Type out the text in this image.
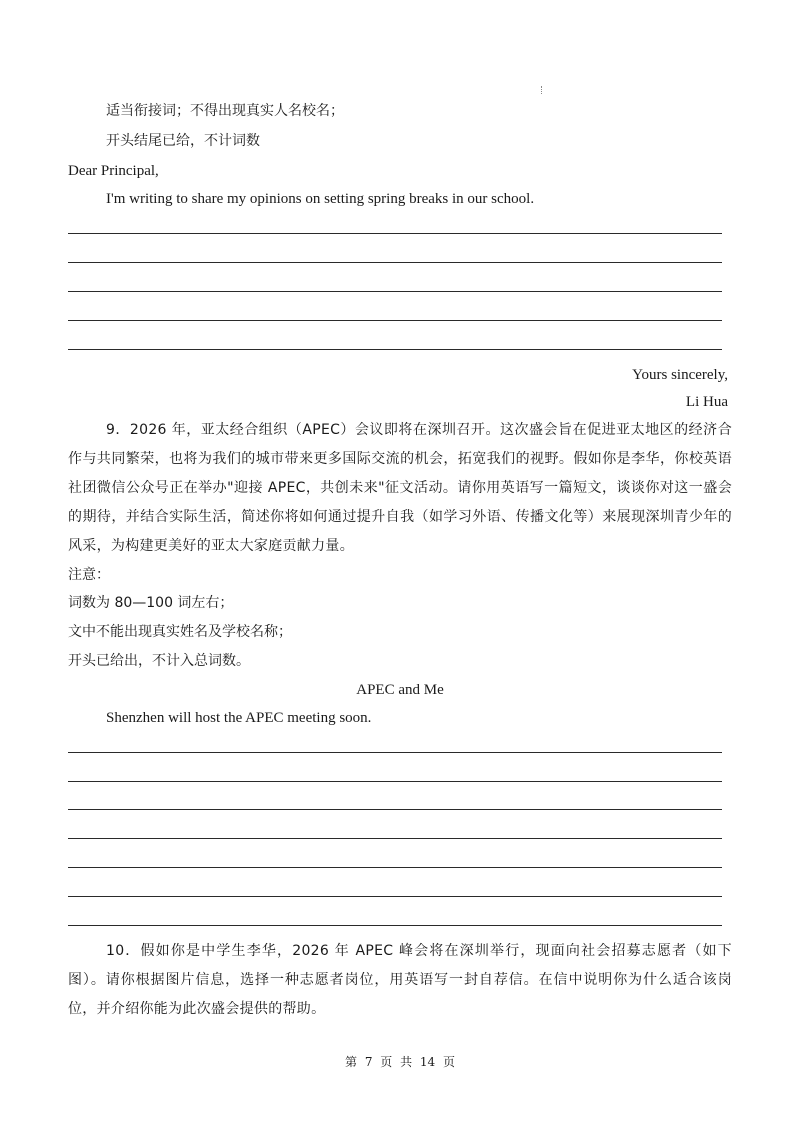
适当衔接词；不得出现真实人名校名；
开头结尾已给，不计词数
Dear Principal,
I'm writing to share my opinions on setting spring breaks in our school.
Yours sincerely,
Li Hua
9．2026 年，亚太经合组织（APEC）会议即将在深圳召开。这次盛会旨在促进亚太地区的经济合作与共同繁荣，也将为我们的城市带来更多国际交流的机会，拓宽我们的视野。假如你是李华，你校英语社团微信公众号正在举办"迎接 APEC，共创未来"征文活动。请你用英语写一篇短文，谈谈你对这一盛会的期待，并结合实际生活，简述你将如何通过提升自我（如学习外语、传播文化等）来展现深圳青少年的风采，为构建更美好的亚太大家庭贡献力量。
注意：
词数为 80—100 词左右；
文中不能出现真实姓名及学校名称；
开头已给出，不计入总词数。
APEC and Me
Shenzhen will host the APEC meeting soon.
10．假如你是中学生李华，2026 年 APEC 峰会将在深圳举行，现面向社会招募志愿者（如下图）。请你根据图片信息，选择一种志愿者岗位，用英语写一封自荐信。在信中说明你为什么适合该岗位，并介绍你能为此次盛会提供的帮助。
第 7 页 共 14 页
